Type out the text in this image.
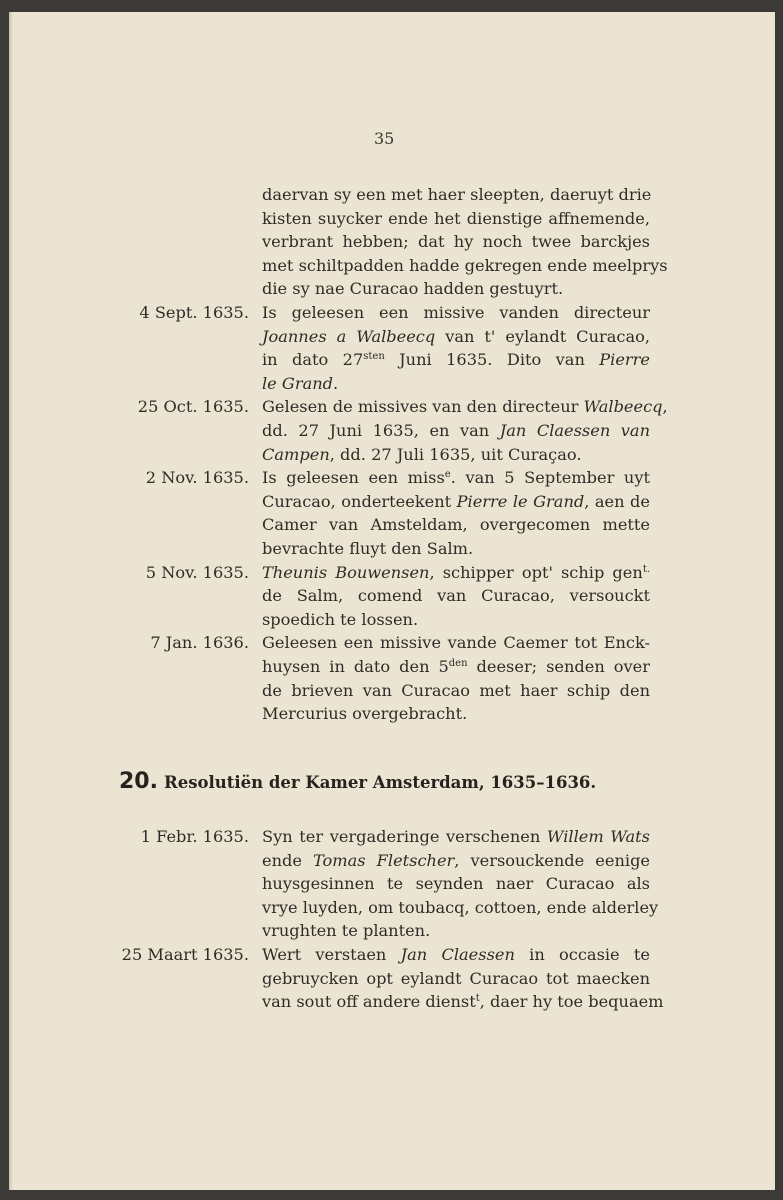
35
daervan sy een met haer sleepten, daeruyt drie
kisten suycker ende het dienstige affnemende,
verbrant hebben; dat hy noch twee barckjes
met schiltpadden hadde gekregen ende meelprys
die sy nae Curacao hadden gestuyrt.
4 Sept. 1635. Is geleesen een missive vanden directeur
Joannes a Walbeecq van t' eylandt Curacao,
in dato $27^{sten}$ Juni 1635. Dito van Pierre
le Grand.
25 Oct. 1635. Gelesen de missives van den directeur Walbeecq,
dd. 27 Juni 1635, en van Jan Claessen van
Campen, dd. 27 Juli 1635, uit Curaçao.
2 Nov. 1635. Is geleesen een miss$^e$. van 5 September uyt
Curacao, onderteekent Pierre le Grand, aen de
Camer van Amsteldam, overgecomen mette
bevrachte fluyt den Salm.
5 Nov. 1635. Theunis Bouwensen, schipper opt' schip gen$^{t.}$
de Salm, comend van Curacao, versouckt
spoedich te lossen.
7 Jan. 1636. Geleesen een missive vande Caemer tot Enck-
huysen in dato den $5^{den}$ deeser; senden over
de brieven van Curacao met haer schip den
Mercurius overgebracht.
1 Febr. 1635. Syn ter vergaderinge verschenen Willem Wats
ende Tomas Fletscher, versouckende eenige
huysgesinnen te seynden naer Curacao als
vrye luyden, om toubacq, cottoen, ende alderley
vrughten te planten.
25 Maart 1635. Wert verstaen Jan Claessen in occasie te
gebruycken opt eylandt Curacao tot maecken
van sout off andere dienst$^t$, daer hy toe bequaem
20. Resolutiën der Kamer Amsterdam, 1635–1636.
